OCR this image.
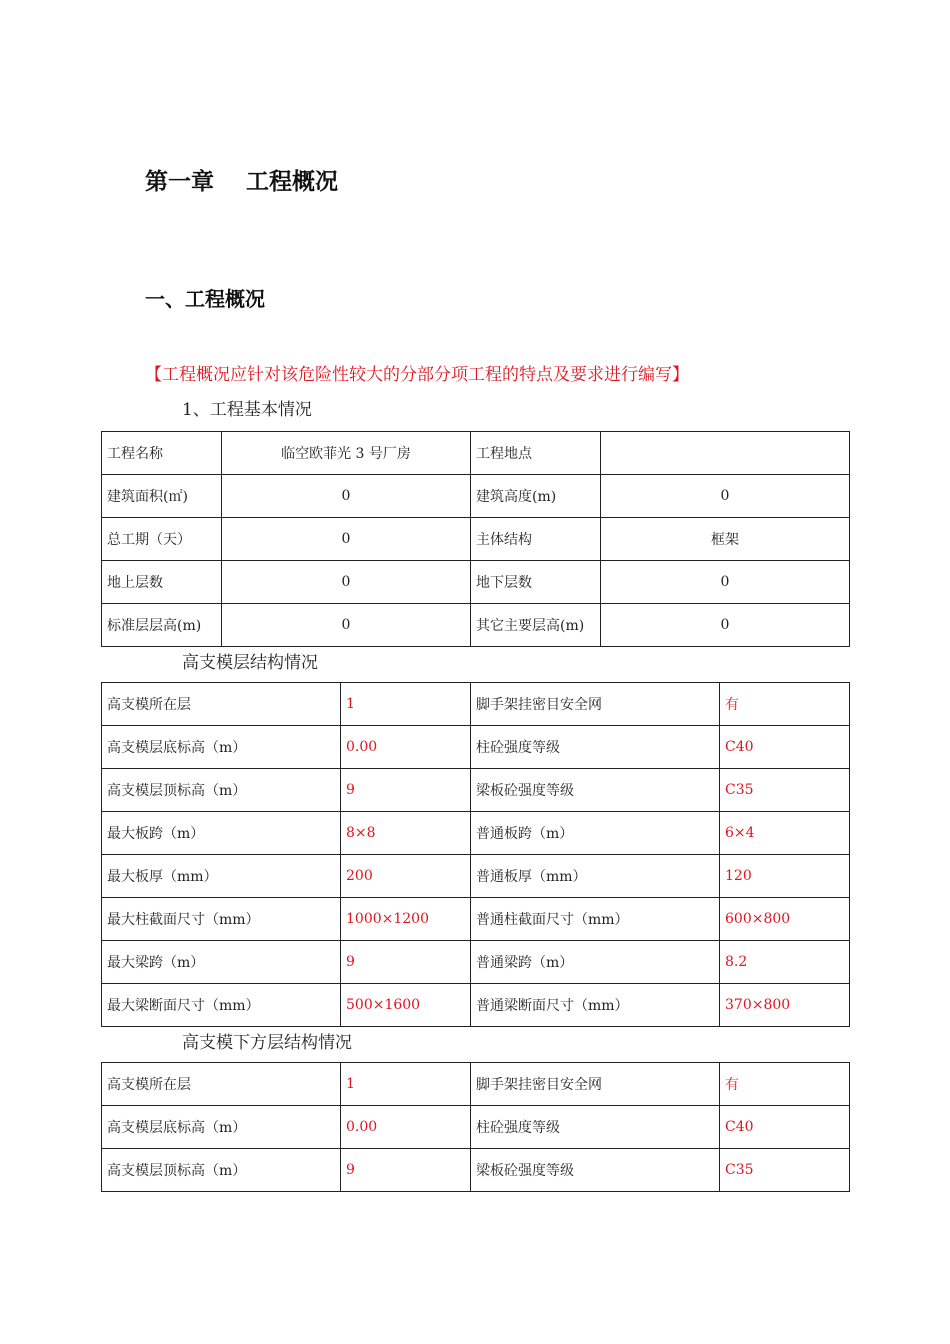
第一章 工程概况
一、工程概况

【工程概况应针对该危险性较大的分部分项工程的特点及要求进行编写】

1、工程基本情况

工程名称	临空欧菲光 3 号厂房	工程地点	
建筑面积(㎡)	0	建筑高度(m)	0
总工期（天）	0	主体结构	框架
地上层数	0	地下层数	0
标准层层高(m)	0	其它主要层高(m)	0

高支模层结构情况

高支模所在层	1	脚手架挂密目安全网	有
高支模层底标高（m）	0.00	柱砼强度等级	C40
高支模层顶标高（m）	9	梁板砼强度等级	C35
最大板跨（m）	8×8	普通板跨（m）	6×4
最大板厚（mm）	200	普通板厚（mm）	120
最大柱截面尺寸（mm）	1000×1200	普通柱截面尺寸（mm）	600×800
最大梁跨（m）	9	普通梁跨（m）	8.2
最大梁断面尺寸（mm）	500×1600	普通梁断面尺寸（mm）	370×800

高支模下方层结构情况

高支模所在层	1	脚手架挂密目安全网	有
高支模层底标高（m）	0.00	柱砼强度等级	C40
高支模层顶标高（m）	9	梁板砼强度等级	C35
